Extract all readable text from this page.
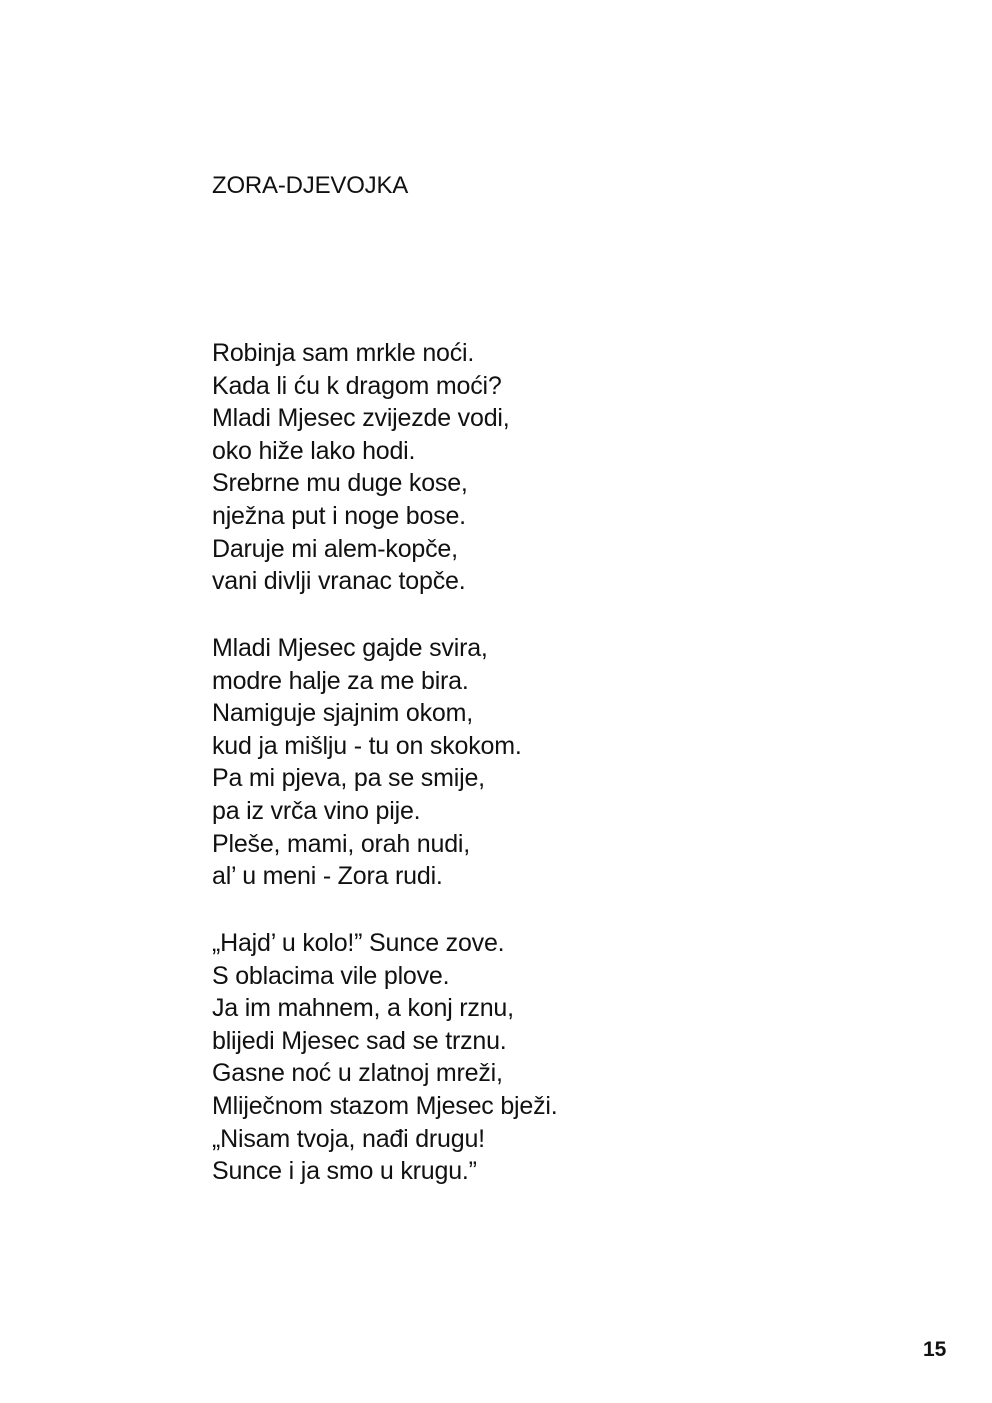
ZORA-DJEVOJKA
Robinja sam mrkle noći.
Kada li ću k dragom moći?
Mladi Mjesec zvijezde vodi,
oko hiže lako hodi.
Srebrne mu duge kose,
nježna put i noge bose.
Daruje mi alem-kopče,
vani divlji vranac topče.
Mladi Mjesec gajde svira,
modre halje za me bira.
Namiguje sjajnim okom,
kud ja mišlju - tu on skokom.
Pa mi pjeva, pa se smije,
pa iz vrča vino pije.
Pleše, mami, orah nudi,
al’ u meni - Zora rudi.
„Hajd’ u kolo!” Sunce zove.
S oblacima vile plove.
Ja im mahnem, a konj rznu,
blijedi Mjesec sad se trznu.
Gasne noć u zlatnoj mreži,
Mliječnom stazom Mjesec bježi.
„Nisam tvoja, nađi drugu!
Sunce i ja smo u krugu.”
15
